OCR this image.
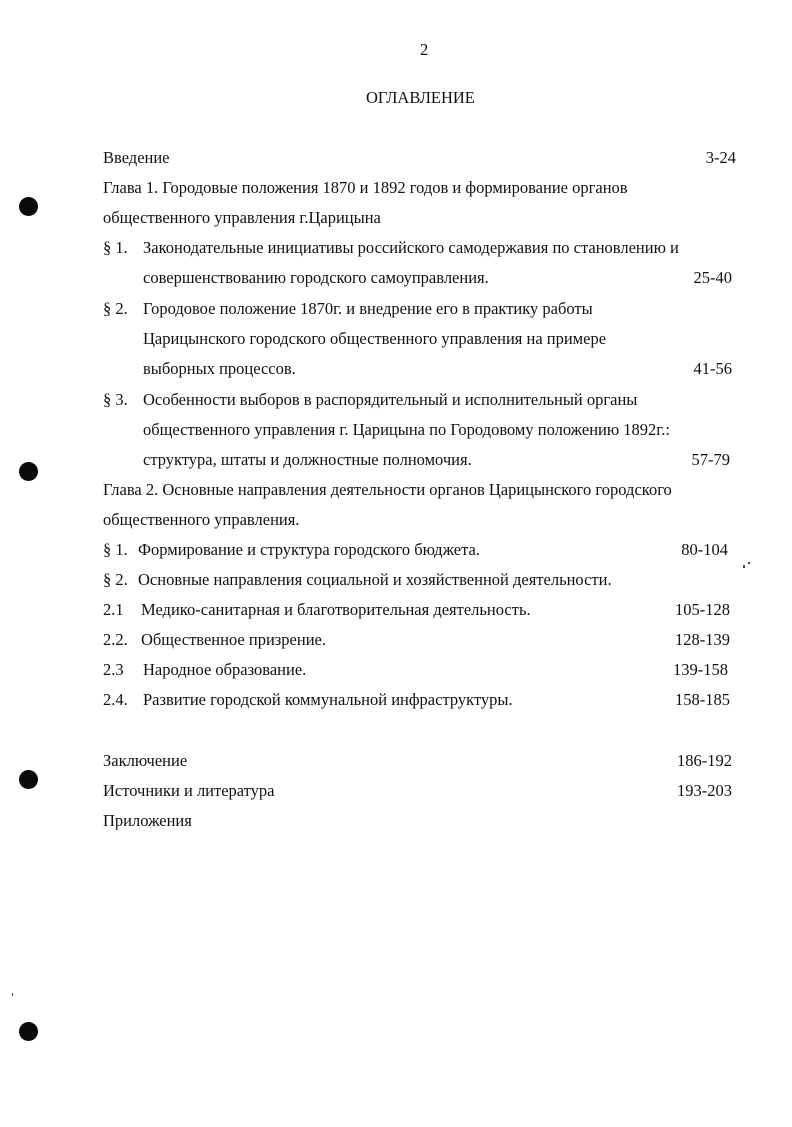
2
ОГЛАВЛЕНИЕ
Введение	3-24
Глава 1. Городовые положения 1870 и 1892 годов и формирование органов
общественного управления г.Царицына
§ 1. Законодательные инициативы российского самодержавия по становлению и
совершенствованию городского самоуправления.	25-40
§ 2. Городовое положение 1870г. и внедрение его в практику работы
Царицынского городского общественного управления на примере
выборных процессов.	41-56
§ 3. Особенности выборов в распорядительный и исполнительный органы
общественного управления г. Царицына по Городовому положению 1892г.:
структура, штаты и должностные полномочия.	57-79
Глава 2. Основные направления деятельности органов Царицынского городского
общественного управления.
§ 1. Формирование и структура городского бюджета.	80-104
§ 2. Основные направления социальной и хозяйственной деятельности.
2.1 Медико-санитарная и благотворительная деятельность.	105-128
2.2. Общественное призрение.	128-139
2.3 Народное образование.	139-158
2.4. Развитие городской коммунальной инфраструктуры.	158-185
Заключение	186-192
Источники и литература	193-203
Приложения
